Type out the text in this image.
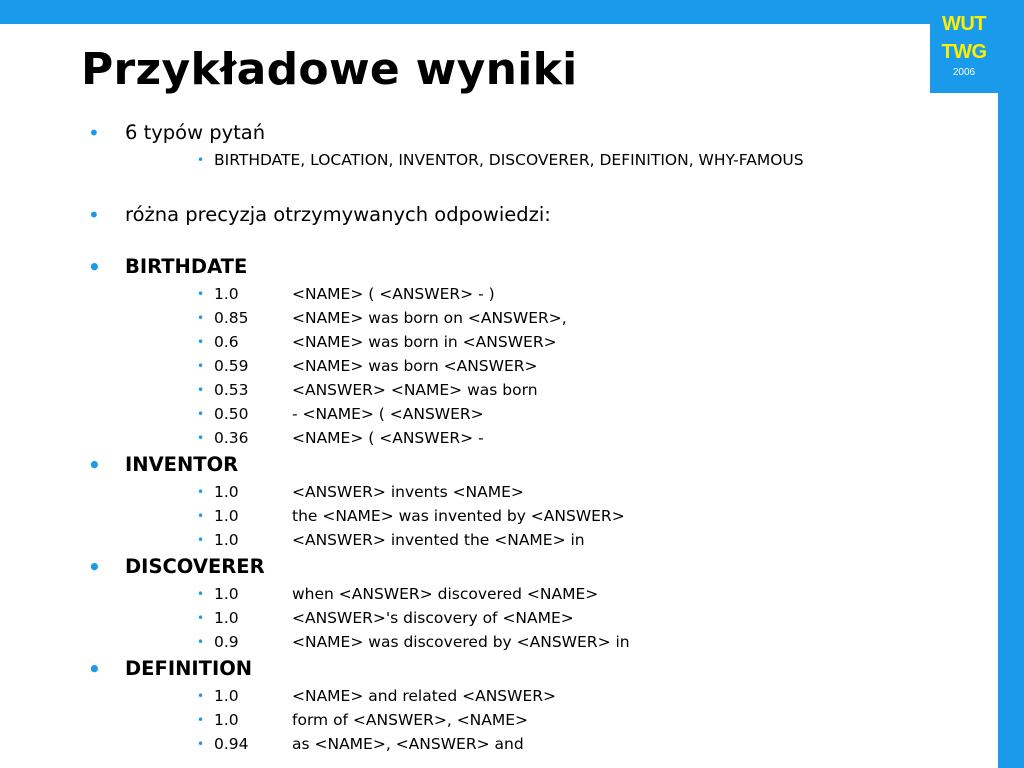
WUT
TWG
2006
Przykładowe wyniki
• 6 typów pytań
• BIRTHDATE, LOCATION, INVENTOR, DISCOVERER, DEFINITION, WHY-FAMOUS
• różna precyzja otrzymywanych odpowiedzi:
• BIRTHDATE
• 1.0	<NAME> ( <ANSWER> - )
• 0.85	<NAME> was born on <ANSWER>,
• 0.6	<NAME> was born in <ANSWER>
• 0.59	<NAME> was born <ANSWER>
• 0.53	<ANSWER> <NAME> was born
• 0.50	- <NAME> ( <ANSWER>
• 0.36	<NAME> ( <ANSWER> -
• INVENTOR
• 1.0	<ANSWER> invents <NAME>
• 1.0	the <NAME> was invented by <ANSWER>
• 1.0	<ANSWER> invented the <NAME> in
• DISCOVERER
• 1.0	when <ANSWER> discovered <NAME>
• 1.0	<ANSWER>'s discovery of <NAME>
• 0.9	<NAME> was discovered by <ANSWER> in
• DEFINITION
• 1.0	<NAME> and related <ANSWER>
• 1.0	form of <ANSWER>, <NAME>
• 0.94	as <NAME>, <ANSWER> and
